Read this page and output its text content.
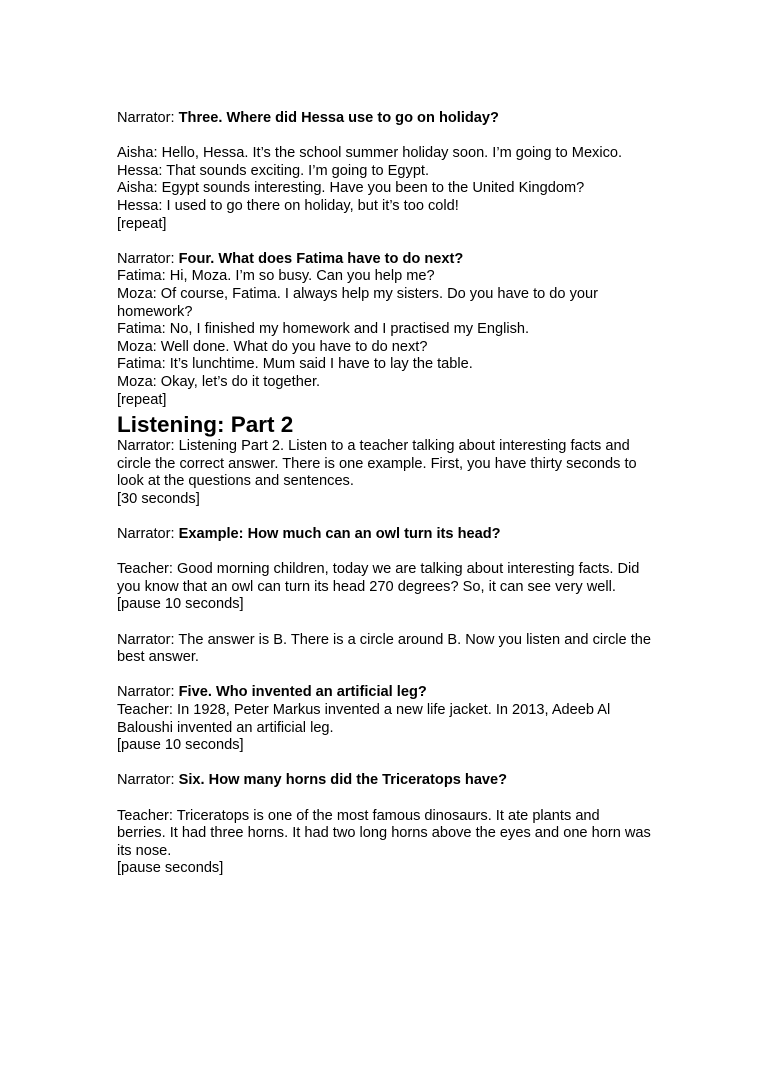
Narrator: Three. Where did Hessa use to go on holiday?

Aisha: Hello, Hessa. It’s the school summer holiday soon. I’m going to Mexico.

Hessa: That sounds exciting. I’m going to Egypt.

Aisha: Egypt sounds interesting. Have you been to the United Kingdom?

Hessa: I used to go there on holiday, but it’s too cold!

[repeat]

Narrator: Four. What does Fatima have to do next?

Fatima: Hi, Moza. I’m so busy. Can you help me?

Moza: Of course, Fatima. I always help my sisters. Do you have to do your homework?

Fatima: No, I finished my homework and I practised my English.

Moza: Well done. What do you have to do next?

Fatima: It’s lunchtime. Mum said I have to lay the table.

Moza: Okay, let’s do it together.

[repeat]

Listening: Part 2

Narrator: Listening Part 2. Listen to a teacher talking about interesting facts and circle the correct answer. There is one example. First, you have thirty seconds to look at the questions and sentences.

[30 seconds]

Narrator: Example: How much can an owl turn its head?

Teacher: Good morning children, today we are talking about interesting facts. Did you know that an owl can turn its head 270 degrees? So, it can see very well.

[pause 10 seconds]

Narrator: The answer is B. There is a circle around B. Now you listen and circle the best answer.

Narrator: Five. Who invented an artificial leg?

Teacher: In 1928, Peter Markus invented a new life jacket. In 2013, Adeeb Al Baloushi invented an artificial leg.

[pause 10 seconds]

Narrator: Six. How many horns did the Triceratops have?

Teacher: Triceratops is one of the most famous dinosaurs. It ate plants and berries. It had three horns. It had two long horns above the eyes and one horn was its nose.

[pause seconds]
